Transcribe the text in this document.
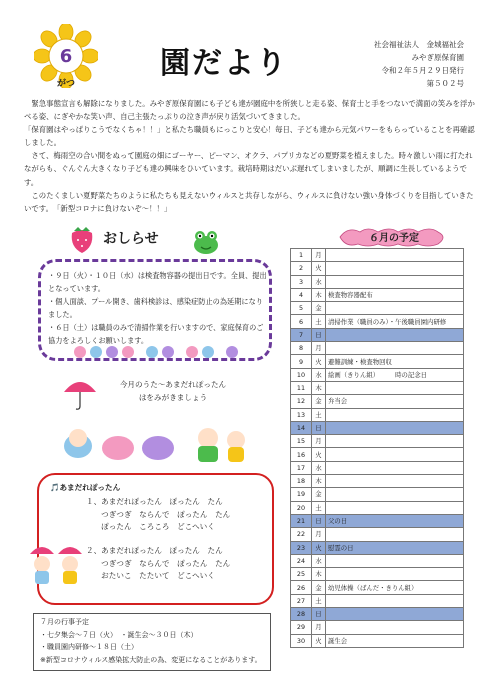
6
がつ
園だより
社会福祉法人　金城福祉会
みやぎ原保育園
令和２年５月２９日発行
第５０２号

　緊急事態宣言も解除になりました。みやぎ原保育園にも子ども達が園庭中を所狭しと走る姿、保育士と手をつないで満面の笑みを浮かべる姿、にぎやかな笑い声、自己主張たっぷりの泣き声が戻り活気づいてきました。

「保育園はやっぱりこうでなくちゃ！！」と私たち職員もにっこりと安心！毎日、子ども達から元気パワーをもらっていることを再確認しました。

　さて、梅雨空の合い間をぬって園庭の畑にゴーヤー、ピーマン、オクラ、パプリカなどの夏野菜を植えました。時々激しい雨に打たれながらも、ぐんぐん大きくなり子ども達の興味をひいています。栽培時期はだいぶ遅れてしまいましたが、順調に生長しているようです。

　このたくましい夏野菜たちのように私たちも見えないウィルスと共存しながら、ウィルスに負けない強い身体づくりを目指していきたいです。　「新型コロナに負けないぞ～！！」

おしらせ
・９日（火）・１０日（水）は検査物容器の提出日です。全員、提出となっています。
・個人面談、プール開き、歯科検診は、感染症防止の為延期になりました。
・６日（土）は職員のみで清掃作業を行いますので、家庭保育のご協力をよろしくお願いします。
今月のうた～あまだれぽったん
はをみがきましょう
🎵あまだれぽったん
１、あまだれぽったん　ぽったん　たん
　　つぎつぎ　ならんで　ぽったん　たん
　　ぽったん　ころころ　どこへいく
２、あまだれぽったん　ぽったん　たん
　　つぎつぎ　ならんで　ぽったん　たん
　　おたいこ　たたいて　どこへいく
７月の行事予定
・七夕集会～７日（火）　・誕生会～３０日（木）
・職員園内研修～１８日（土）
※新型コロナウィルス感染拡大防止の為、変更になることがあります。
６月の予定
1	月	
2	火	
3	水	
4	木	検査物容器配布
5	金	
6	土	清掃作業（職員のみ）・午後職員園内研修
7	日	
8	月	
9	火	避難訓練・検査物回収
10	水	絵画（きりん組）　　　時の記念日
11	木	
12	金	弁当会
13	土	
14	日	
15	月	
16	火	
17	水	
18	木	
19	金	
20	土	
21	日	父の日
22	月	
23	火	慰霊の日
24	水	
25	木	
26	金	幼児体操（ばんだ・きりん組）
27	土	
28	日	
29	月	
30	火	誕生会
